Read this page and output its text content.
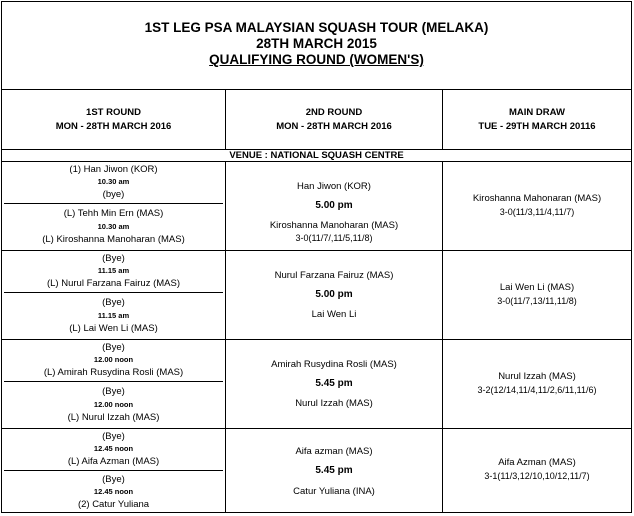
1ST LEG PSA MALAYSIAN SQUASH TOUR (MELAKA)
28TH MARCH 2015
QUALIFYING ROUND (WOMEN'S)
1ST ROUND
MON - 28TH MARCH 2016
2ND ROUND
MON - 28TH MARCH 2016
MAIN DRAW
TUE - 29TH MARCH 20116
VENUE : NATIONAL SQUASH CENTRE
(1) Han Jiwon (KOR)
10.30 am
(bye)
(L) Tehh Min Ern (MAS)
10.30 am
(L) Kiroshanna Manoharan (MAS)
Han Jiwon (KOR)
5.00 pm
Kiroshanna Manoharan (MAS)
3-0(11/7/,11/5,11/8)
Kiroshanna Mahonaran (MAS)
3-0(11/3,11/4,11/7)
(Bye)
11.15 am
(L) Nurul Farzana Fairuz (MAS)
(Bye)
11.15 am
(L) Lai Wen Li (MAS)
Nurul Farzana Fairuz (MAS)
5.00 pm
Lai Wen Li
Lai Wen Li (MAS)
3-0(11/7,13/11,11/8)
(Bye)
12.00 noon
(L) Amirah Rusydina Rosli (MAS)
(Bye)
12.00 noon
(L) Nurul Izzah (MAS)
Amirah Rusydina Rosli (MAS)
5.45 pm
Nurul Izzah (MAS)
Nurul Izzah (MAS)
3-2(12/14,11/4,11/2,6/11,11/6)
(Bye)
12.45 noon
(L) Aifa Azman (MAS)
(Bye)
12.45 noon
(2) Catur Yuliana
Aifa azman (MAS)
5.45 pm
Catur Yuliana (INA)
Aifa Azman (MAS)
3-1(11/3,12/10,10/12,11/7)
